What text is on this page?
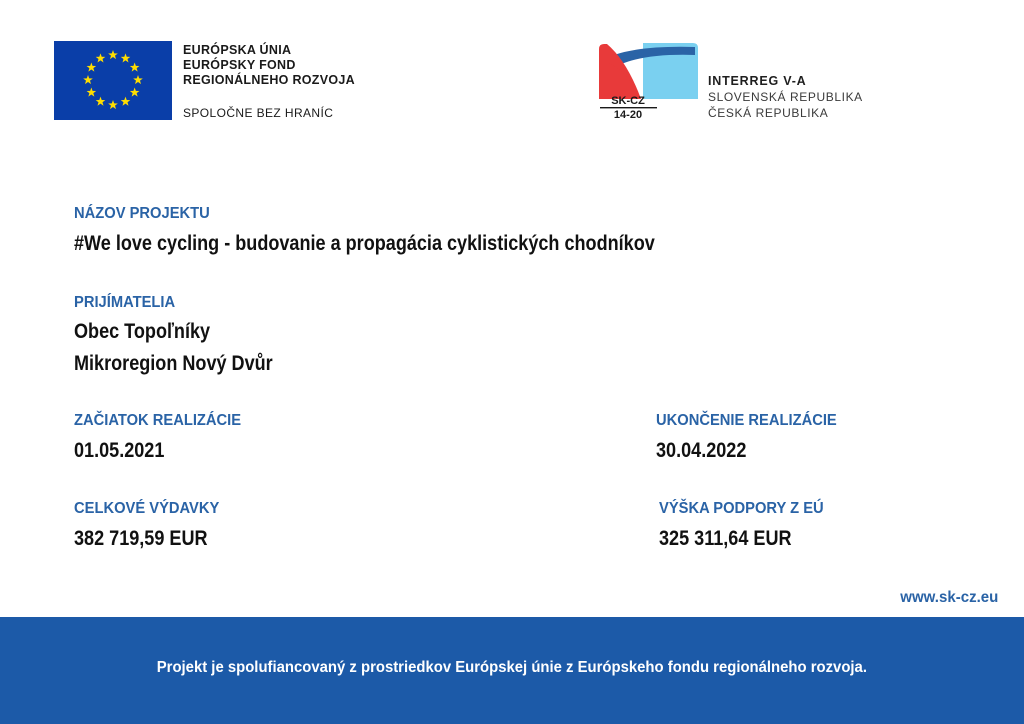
EURÓPSKA ÚNIA
EURÓPSKY FOND
REGIONÁLNEHO ROZVOJA
SPOLOČNE BEZ HRANÍC
SK-CZ
14-20
INTERREG V-A
SLOVENSKÁ REPUBLIKA
ČESKÁ REPUBLIKA
NÁZOV PROJEKTU
#We love cycling - budovanie a propagácia cyklistických chodníkov
PRIJÍMATELIA
Obec Topoľníky
Mikroregion Nový Dvůr
ZAČIATOK REALIZÁCIE
01.05.2021
UKONČENIE REALIZÁCIE
30.04.2022
CELKOVÉ VÝDAVKY
382 719,59 EUR
VÝŠKA PODPORY Z EÚ
325 311,64 EUR
www.sk-cz.eu
Projekt je spolufiancovaný z prostriedkov Európskej únie z Európskeho fondu regionálneho rozvoja.
